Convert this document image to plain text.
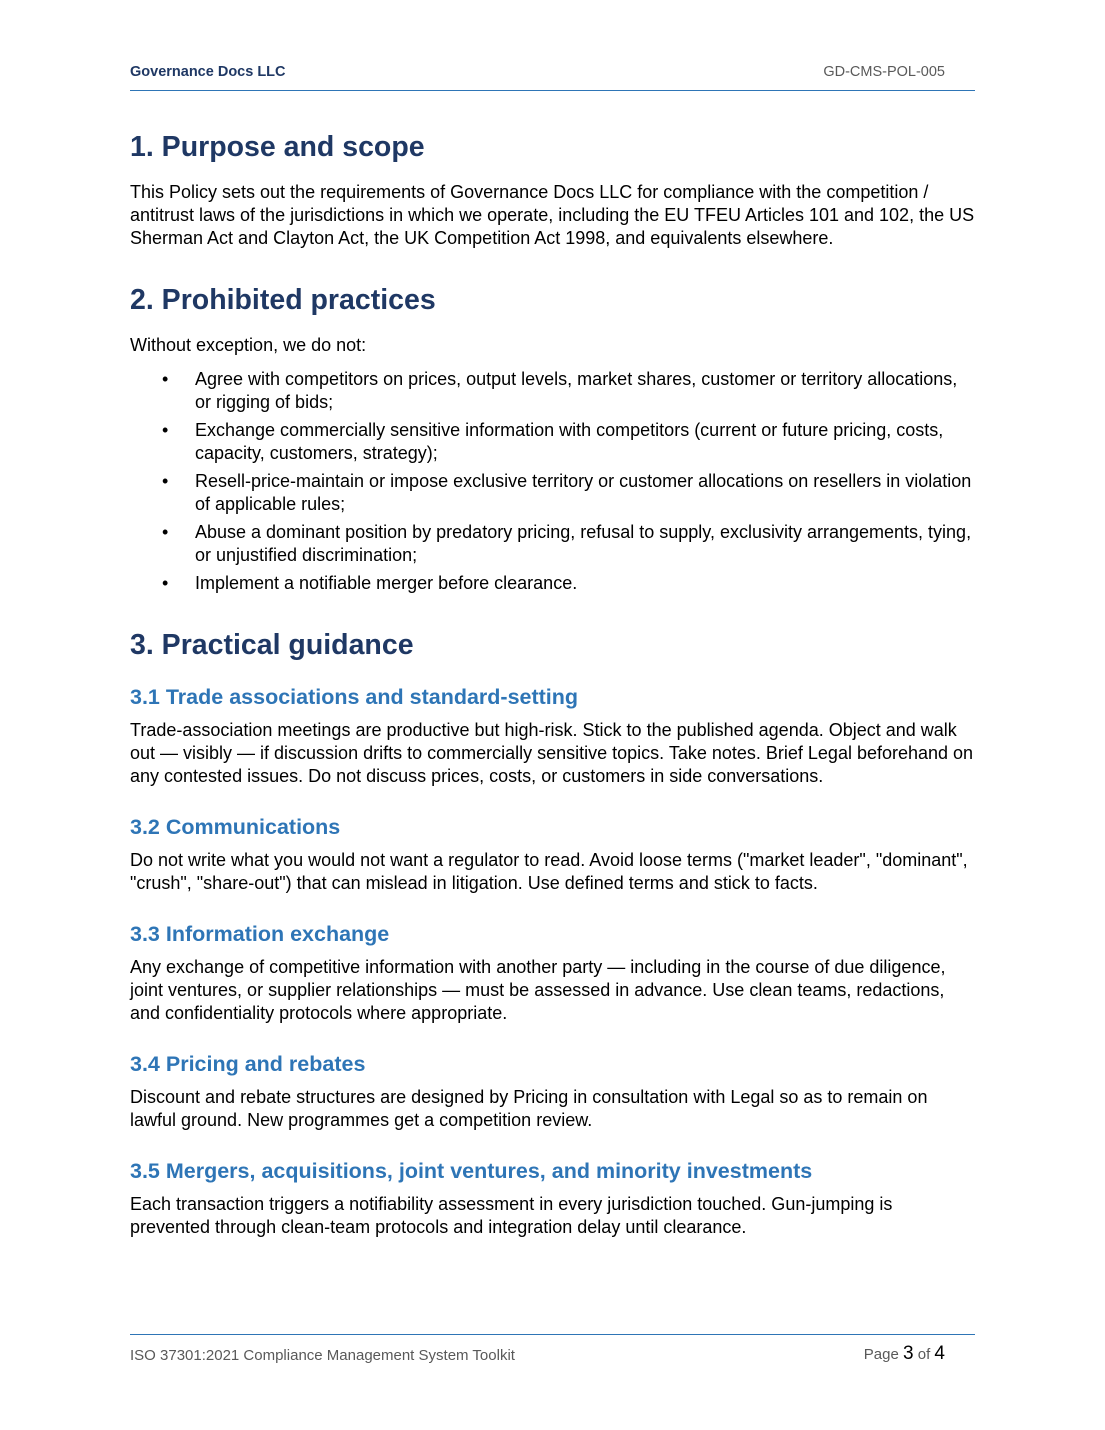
Governance Docs LLC	GD-CMS-POL-005
1. Purpose and scope

This Policy sets out the requirements of Governance Docs LLC for compliance with the competition / antitrust laws of the jurisdictions in which we operate, including the EU TFEU Articles 101 and 102, the US Sherman Act and Clayton Act, the UK Competition Act 1998, and equivalents elsewhere.

2. Prohibited practices

Without exception, we do not:

• Agree with competitors on prices, output levels, market shares, customer or territory allocations, or rigging of bids;
• Exchange commercially sensitive information with competitors (current or future pricing, costs, capacity, customers, strategy);
• Resell-price-maintain or impose exclusive territory or customer allocations on resellers in violation of applicable rules;
• Abuse a dominant position by predatory pricing, refusal to supply, exclusivity arrangements, tying, or unjustified discrimination;
• Implement a notifiable merger before clearance.
3. Practical guidance
3.1 Trade associations and standard-setting

Trade-association meetings are productive but high-risk. Stick to the published agenda. Object and walk out — visibly — if discussion drifts to commercially sensitive topics. Take notes. Brief Legal beforehand on any contested issues. Do not discuss prices, costs, or customers in side conversations.

3.2 Communications

Do not write what you would not want a regulator to read. Avoid loose terms ("market leader", "dominant", "crush", "share-out") that can mislead in litigation. Use defined terms and stick to facts.

3.3 Information exchange

Any exchange of competitive information with another party — including in the course of due diligence, joint ventures, or supplier relationships — must be assessed in advance. Use clean teams, redactions, and confidentiality protocols where appropriate.

3.4 Pricing and rebates

Discount and rebate structures are designed by Pricing in consultation with Legal so as to remain on lawful ground. New programmes get a competition review.

3.5 Mergers, acquisitions, joint ventures, and minority investments

Each transaction triggers a notifiability assessment in every jurisdiction touched. Gun-jumping is prevented through clean-team protocols and integration delay until clearance.

ISO 37301:2021 Compliance Management System Toolkit	Page 3 of 4
